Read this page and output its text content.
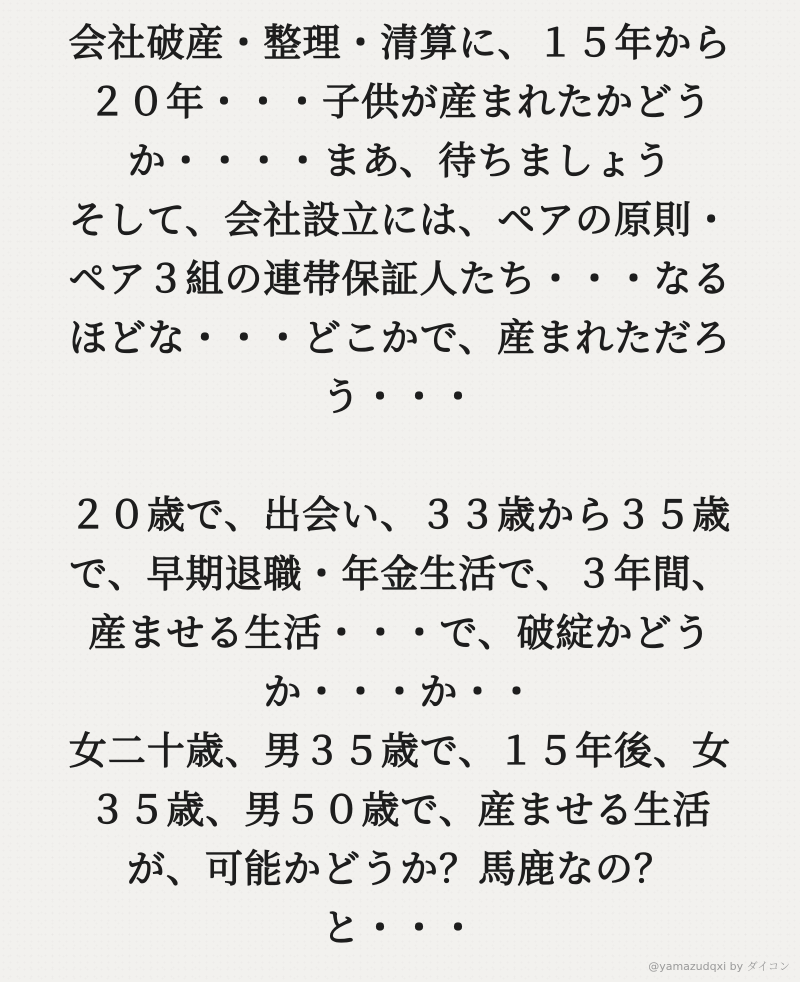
会社破産・整理・清算に、１５年から
２０年・・・子供が産まれたかどう
か・・・・まあ、待ちましょう
そして、会社設立には、ペアの原則・
ペア３組の連帯保証人たち・・・なる
ほどな・・・どこかで、産まれただろ
う・・・
２０歳で、出会い、３３歳から３５歳
で、早期退職・年金生活で、３年間、
産ませる生活・・・で、破綻かどう
か・・・か・・
女二十歳、男３５歳で、１５年後、女
３５歳、男５０歳で、産ませる生活
が、可能かどうか？馬鹿なの？
と・・・
@yamazudqxi by ダイコン
